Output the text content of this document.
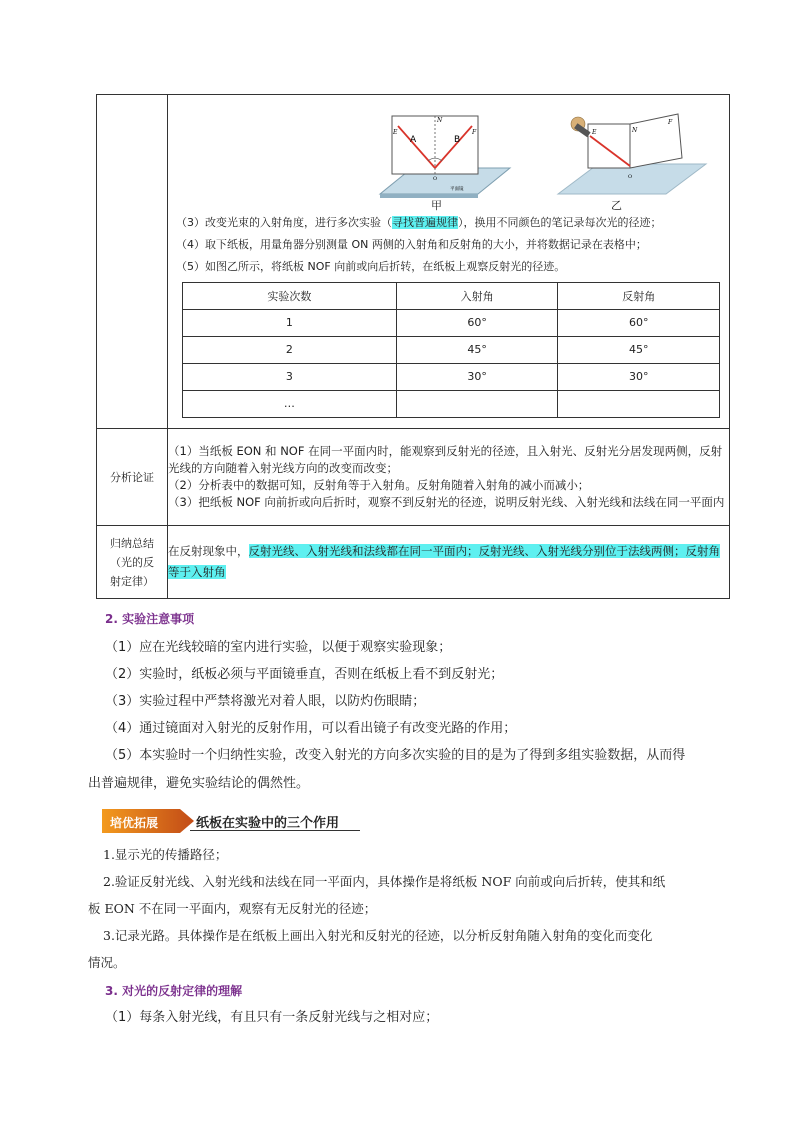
N
E	F
A	B
O
平面镜
甲
N
E
F
O
乙
（3）改变光束的入射角度，进行多次实验（寻找普遍规律），换用不同颜色的笔记录每次光的径迹；
（4）取下纸板，用量角器分别测量 ON 两侧的入射角和反射角的大小，并将数据记录在表格中；
（5）如图乙所示，将纸板 NOF 向前或向后折转，在纸板上观察反射光的径迹。
实验次数	入射角	反射角
1	60°	60°
2	45°	45°
3	30°	30°
…		

分析论证	
（1）当纸板 EON 和 NOF 在同一平面内时，能观察到反射光的径迹，且入射光、反射光分居发现两侧，反射光线的方向随着入射光线方向的改变而改变；
（2）分析表中的数据可知，反射角等于入射角。反射角随着入射角的减小而减小；
（3）把纸板 NOF 向前折或向后折时，观察不到反射光的径迹，说明反射光线、入射光线和法线在同一平面内

归纳总结
（光的反
射定律）
	在反射现象中，反射光线、入射光线和法线都在同一平面内；反射光线、入射光线分别位于法线两侧；反射角等于入射角
2. 实验注意事项
（1）应在光线较暗的室内进行实验，以便于观察实验现象；
（2）实验时，纸板必须与平面镜垂直，否则在纸板上看不到反射光；
（3）实验过程中严禁将激光对着人眼，以防灼伤眼睛；
（4）通过镜面对入射光的反射作用，可以看出镜子有改变光路的作用；
（5）本实验时一个归纳性实验，改变入射光的方向多次实验的目的是为了得到多组实验数据，从而得
出普遍规律，避免实验结论的偶然性。
培优拓展	纸板在实验中的三个作用
1.显示光的传播路径；
2.验证反射光线、入射光线和法线在同一平面内，具体操作是将纸板 NOF 向前或向后折转，使其和纸
板 EON 不在同一平面内，观察有无反射光的径迹；
3.记录光路。具体操作是在纸板上画出入射光和反射光的径迹，以分析反射角随入射角的变化而变化
情况。
3. 对光的反射定律的理解
（1）每条入射光线，有且只有一条反射光线与之相对应；
